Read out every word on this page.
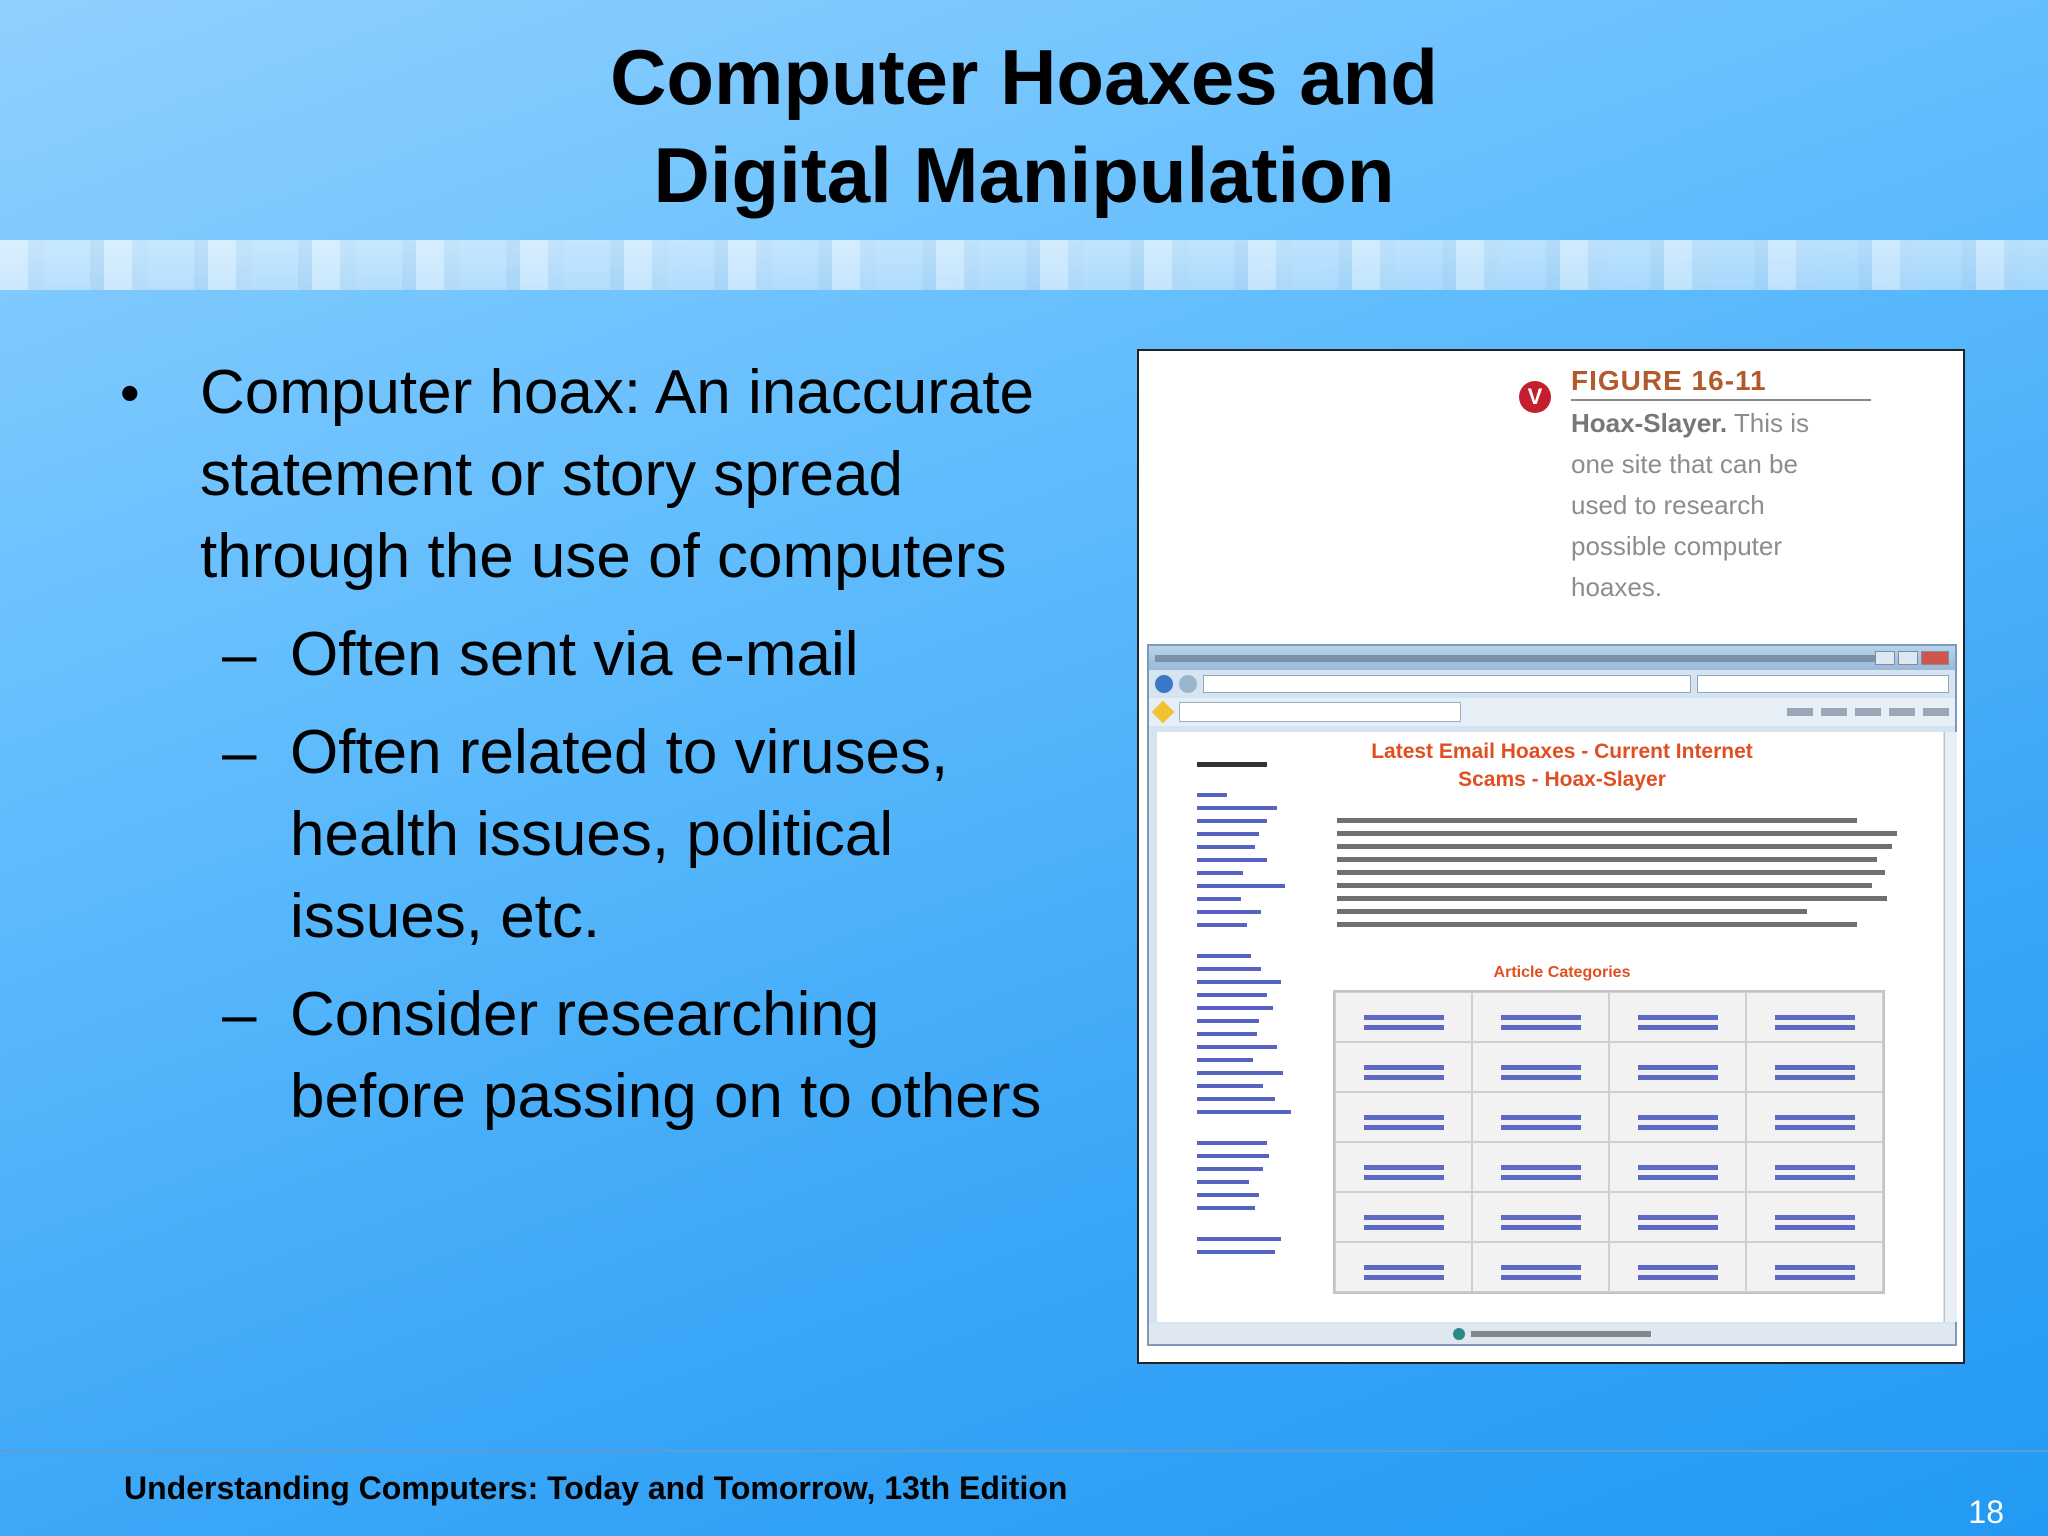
Computer Hoaxes and
Digital Manipulation
• Computer hoax: An inaccurate statement or story spread through the use of computers
– Often sent via e-mail
– Often related to viruses, health issues, political issues, etc.
– Consider researching before passing on to others
V
FIGURE 16-11
Hoax-Slayer. This is one site that can be used to research possible computer hoaxes.
Latest Email Hoaxes - Current Internet Scams - Hoax-Slayer
Article Categories
Understanding Computers: Today and Tomorrow, 13th Edition
18
